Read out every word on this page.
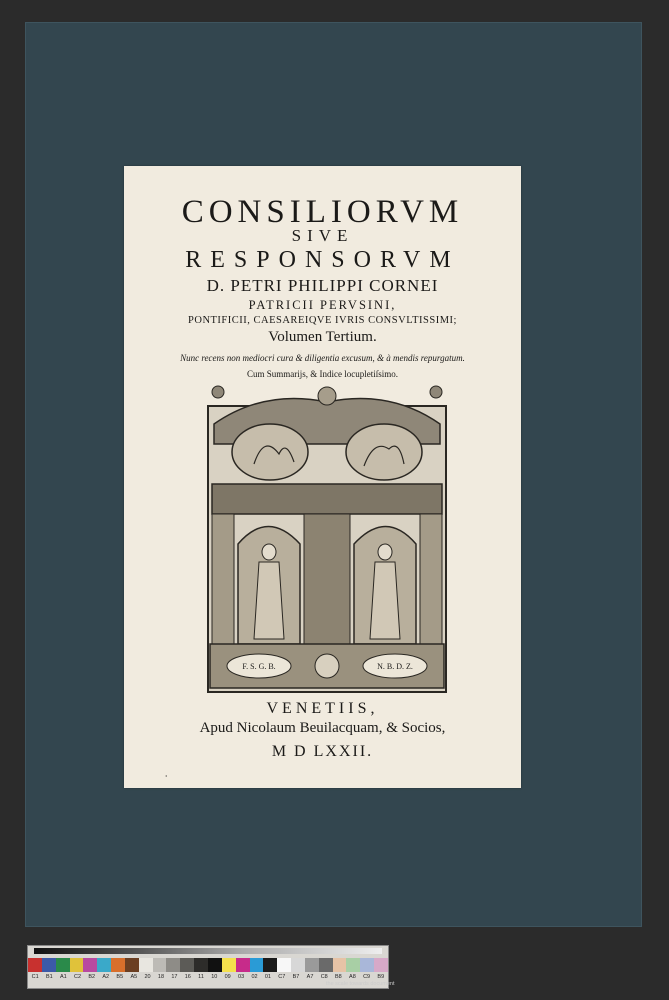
CONSILIORVM
SIVE
RESPONSORVM
D. PETRI PHILIPPI CORNEI
PATRICII PERVSINI,
PONTIFICII, CAESAREIQVE IVRIS CONSVLTISSIMI;
Volumen Tertium.
Nunc recens non mediocri cura & diligentia excusum, & à mendis repurgatum.
Cum Summarijs, & Indice locupletiſsimo.
F. S. G. B.	N. B. D. Z.
VENETIIS,
Apud Nicolaum Beuilacquam, & Socios,
M D LXXII.
⸳
C1 B1 A1 C2 B2 A2 B5 A5 20 18 17 16 11 10 09 03 02 01 C7 B7 A7 C8 B8 A8 C9 B9
the scale towards document
